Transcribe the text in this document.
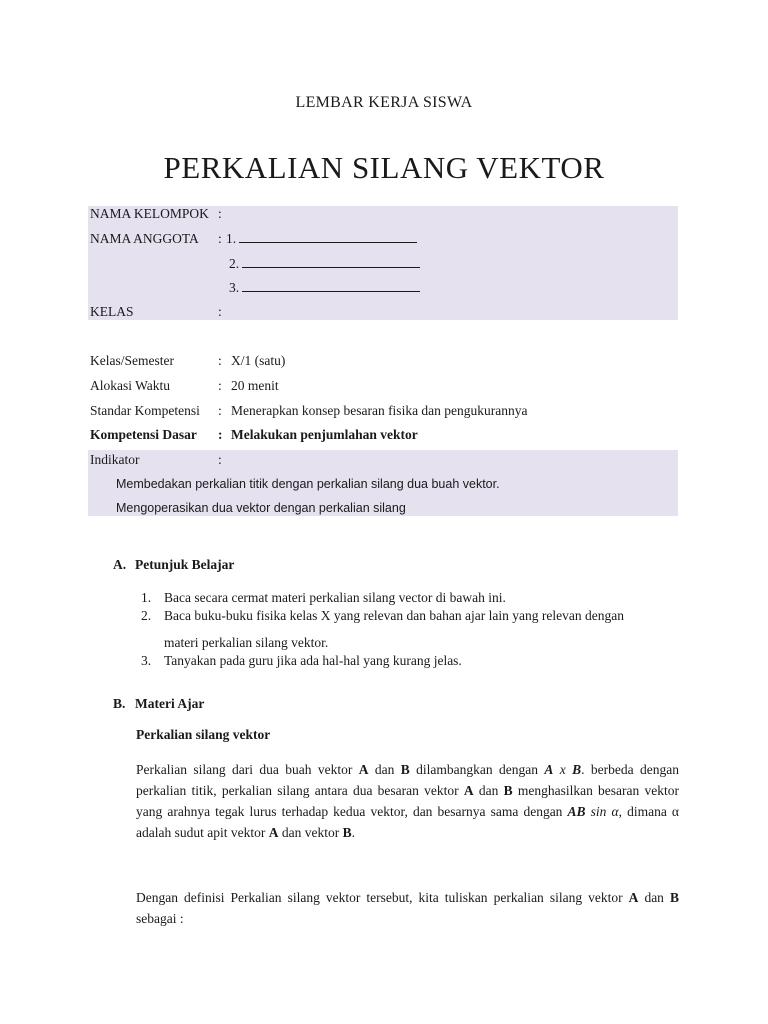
LEMBAR KERJA SISWA
PERKALIAN SILANG VEKTOR
NAMA KELOMPOK :
NAMA ANGGOTA : 1.
2.
3.
KELAS	:
Kelas/Semester	: X/1 (satu)
Alokasi Waktu	: 20 menit
Standar Kompetensi : Menerapkan konsep besaran fisika dan pengukurannya
Kompetensi Dasar : Melakukan penjumlahan vektor
Indikator	:
Membedakan perkalian titik dengan perkalian silang dua buah vektor.
Mengoperasikan dua vektor dengan perkalian silang
A. Petunjuk Belajar
1. Baca secara cermat materi perkalian silang vector di bawah ini.
2. Baca buku-buku fisika kelas X yang relevan dan bahan ajar lain yang relevan dengan
materi perkalian silang vektor.
3. Tanyakan pada guru jika ada hal-hal yang kurang jelas.
B. Materi Ajar
Perkalian silang vektor
Perkalian silang dari dua buah vektor A dan B dilambangkan dengan A x B. berbeda dengan perkalian titik, perkalian silang antara dua besaran vektor A dan B menghasilkan besaran vektor yang arahnya tegak lurus terhadap kedua vektor, dan besarnya sama dengan AB sin α, dimana α adalah sudut apit vektor A dan vektor B.
Dengan definisi Perkalian silang vektor tersebut, kita tuliskan perkalian silang vektor A dan B sebagai :
